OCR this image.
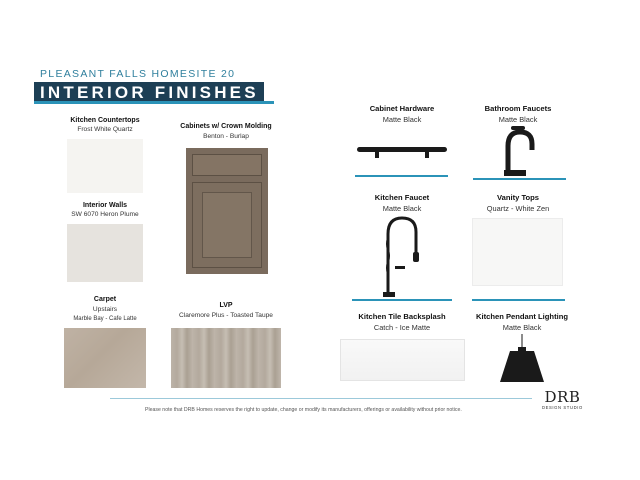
PLEASANT FALLS HOMESITE 20
INTERIOR FINISHES
Kitchen Countertops
Frost White Quartz	Cabinets w/ Crown Molding
Benton - Burlap
Interior Walls
SW 6070 Heron Plume
Carpet
Upstairs
Marble Bay - Cafe Latte
LVP
Claremore Plus - Toasted Taupe
Cabinet Hardware
Matte Black
Bathroom Faucets
Matte Black
Kitchen Faucet
Matte Black
Vanity Tops
Quartz - White Zen
Kitchen Tile Backsplash
Catch - Ice Matte
Kitchen Pendant Lighting
Matte Black
Please note that DRB Homes reserves the right to update, change or modify its manufacturers, offerings or availability without prior notice.
DRB
DESIGN STUDIO
